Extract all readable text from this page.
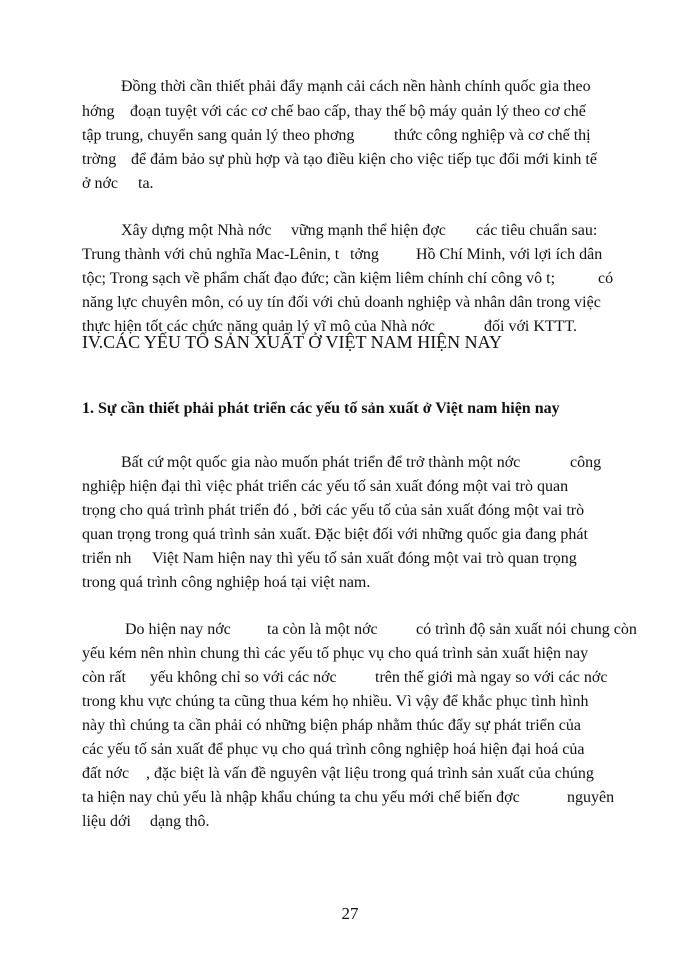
Đồng thời cần thiết phải đẩy mạnh cải cách nền hành chính quốc gia theo

hớng

đoạn tuyệt với các cơ chế bao cấp, thay thế bộ máy quản lý theo cơ chế

tập trung, chuyển sang quản lý theo phơng

thức công nghiệp và cơ chế thị

trờng

để đảm bảo sự phù hợp và tạo điều kiện cho việc tiếp tục đổi mới kinh tế

ở nớc

ta.

Xây dựng một Nhà nớc

vững mạnh thể hiện đợc

các tiêu chuẩn sau:

Trung thành với chủ nghĩa Mac-Lênin, t

tởng

Hồ Chí Minh, với lợi ích dân

tộc; Trong sạch về phẩm chất đạo đức; cần kiệm liêm chính chí công vô t;

	có

năng lực chuyên môn, có uy tín đối với chủ doanh nghiệp và nhân dân trong việc

thực hiện tốt các chức năng quản lý vĩ mô của Nhà nớc

	đối với KTTT.

IV.CÁC YẾU TỐ SẢN XUẤT Ở VIỆT NAM HIỆN NAY
1. Sự cần thiết phải phát triển các yếu tố sản xuất ở Việt nam hiện nay

Bất cứ một quốc gia nào muốn phát triển để trở thành một nớc

	công

nghiệp hiện đại thì việc phát triển các yếu tố sản xuất đóng một vai trò quan

trọng cho quá trình phát triển đó , bởi các yếu tố của sản xuất đóng một vai trò

quan trọng trong quá trình sản xuất. Đặc biệt đối với những quốc gia đang phát

triển nh

Việt Nam hiện nay thì yếu tố sản xuất đóng một vai trò quan trọng

trong quá trình công nghiệp hoá tại việt nam.

Do hiện nay nớc

ta còn là một nớc

có trình độ sản xuất nói chung còn

yếu kém nên nhìn chung thì các yếu tố phục vụ cho quá trình sản xuất hiện nay

còn rất

yếu không chỉ so với các nớc

trên thế giới mà ngay so với các nớc

trong khu vực chúng ta cũng thua kém họ nhiều. Vì vậy để khắc phục tình hình

này thì chúng ta cần phải có những biện pháp nhằm thúc đẩy sự phát triển của

các yếu tố sản xuất để phục vụ cho quá trình công nghiệp hoá hiện đại hoá của

đất nớc

, đặc biệt là vấn đề nguyên vật liệu trong quá trình sản xuất của chúng

ta hiện nay chủ yếu là nhập khẩu chúng ta chu yếu mới chế biến đợc

	nguyên

liệu dới

dạng thô.

27
